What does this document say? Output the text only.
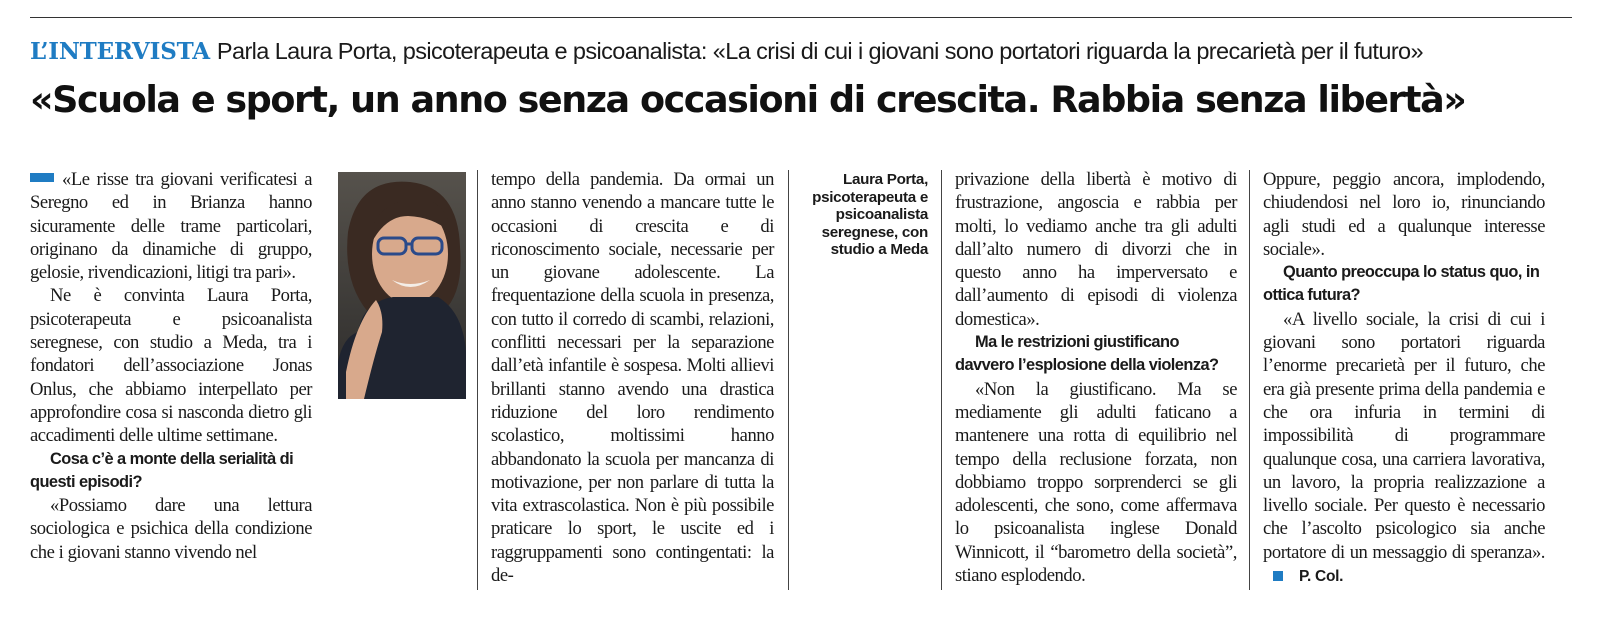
L’INTERVISTA Parla Laura Porta, psicoterapeuta e psicoanalista: «La crisi di cui i giovani sono portatori riguarda la precarietà per il futuro»
«Scuola e sport, un anno senza occasioni di crescita. Rabbia senza libertà»

«Le risse tra giovani verificatesi a Seregno ed in Brianza hanno sicuramente delle trame particolari, originano da dinamiche di gruppo, gelosie, rivendicazioni, litigi tra pari».

Ne è convinta Laura Porta, psicoterapeuta e psicoanalista seregnese, con studio a Meda, tra i fondatori dell’associazione Jonas Onlus, che abbiamo interpellato per approfondire cosa si nasconda dietro gli accadimenti delle ultime settimane.

Cosa c’è a monte della serialità di questi episodi?

«Possiamo dare una lettura sociologica e psichica della condizione che i giovani stanno vivendo nel

tempo della pandemia. Da ormai un anno stanno venendo a mancare tutte le occasioni di crescita e di riconoscimento sociale, necessarie per un giovane adolescente. La frequentazione della scuola in presenza, con tutto il corredo di scambi, relazioni, conflitti necessari per la separazione dall’età infantile è sospesa. Molti allievi brillanti stanno avendo una drastica riduzione del loro rendimento scolastico, moltissimi hanno abbandonato la scuola per mancanza di motivazione, per non parlare di tutta la vita extrascolastica. Non è più possibile praticare lo sport, le uscite ed i raggruppamenti sono contingentati: la de-

Laura Porta, psicoterapeuta e psicoanalista seregnese, con studio a Meda

privazione della libertà è motivo di frustrazione, angoscia e rabbia per molti, lo vediamo anche tra gli adulti dall’alto numero di divorzi che in questo anno ha imperversato e dall’aumento di episodi di violenza domestica».

Ma le restrizioni giustificano davvero l’esplosione della violenza?

«Non la giustificano. Ma se mediamente gli adulti faticano a mantenere una rotta di equilibrio nel tempo della reclusione forzata, non dobbiamo troppo sorprenderci se gli adolescenti, che sono, come affermava lo psicoanalista inglese Donald Winnicott, il “barometro della società”, stiano esplodendo.

Oppure, peggio ancora, implodendo, chiudendosi nel loro io, rinunciando agli studi ed a qualunque interesse sociale».

Quanto preoccupa lo status quo, in ottica futura?

«A livello sociale, la crisi di cui i giovani sono portatori riguarda l’enorme precarietà per il futuro, che era già presente prima della pandemia e che ora infuria in termini di impossibilità di programmare qualunque cosa, una carriera lavorativa, un lavoro, la propria realizzazione a livello sociale. Per questo è necessario che l’ascolto psicologico sia anche portatore di un messaggio di speranza».P. Col.
